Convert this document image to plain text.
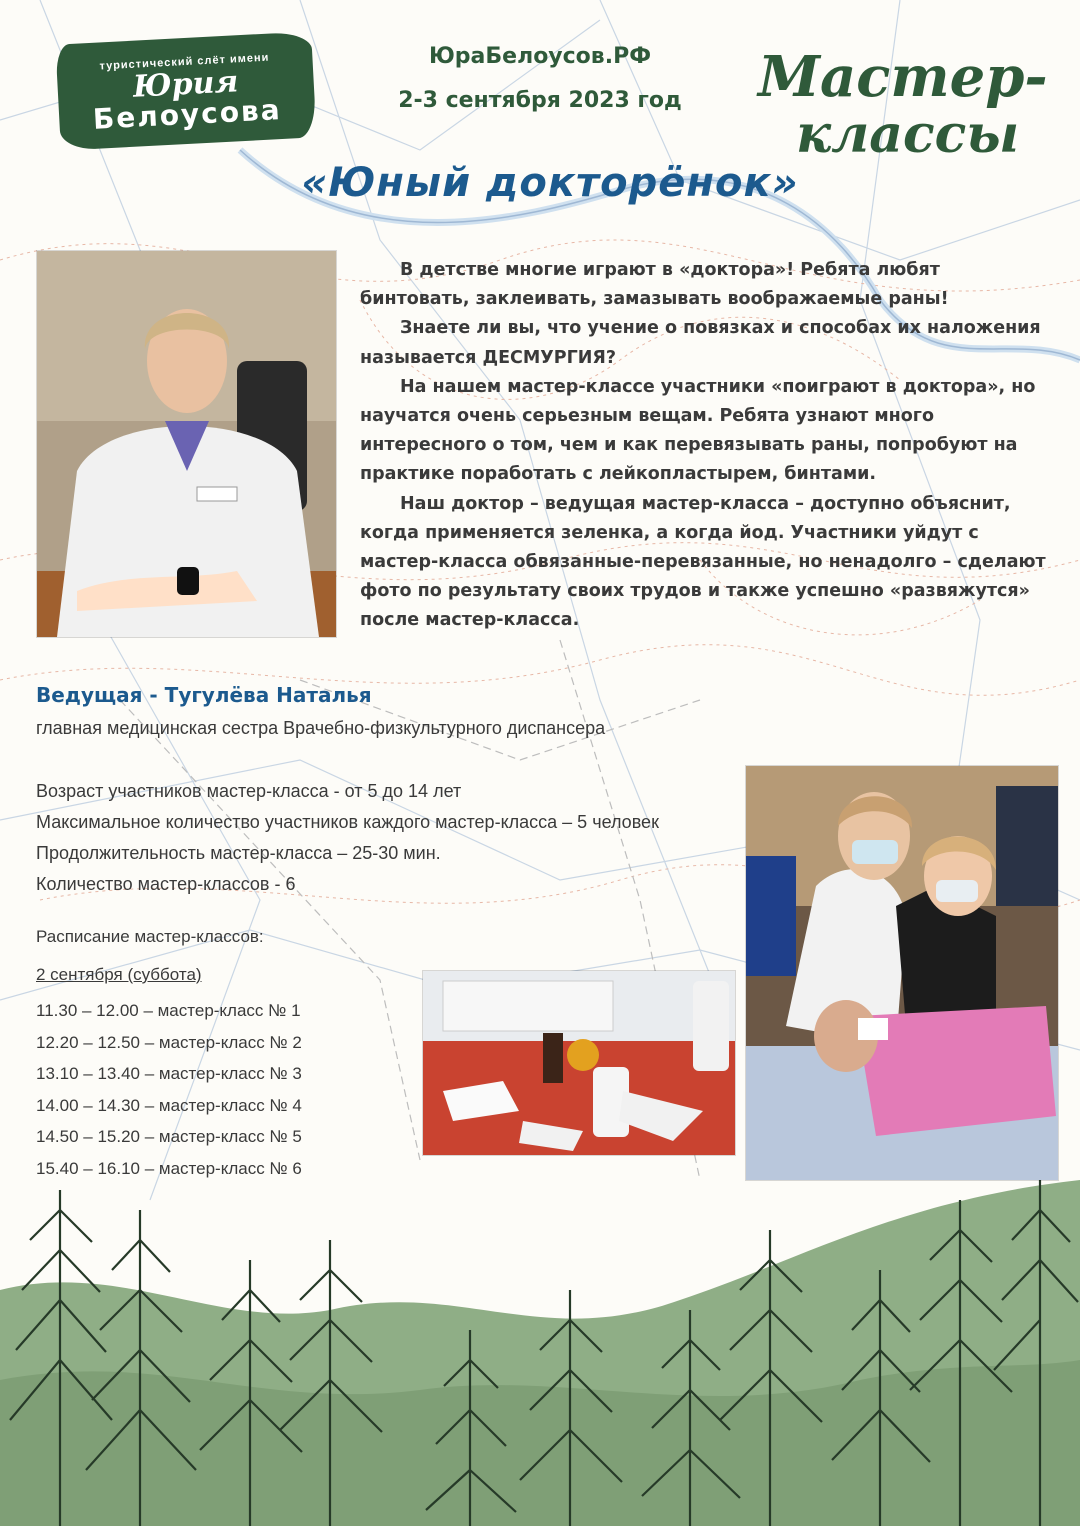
туристический слёт имени
Юрия
Белоусова
ЮраБелоусов.РФ
2-3 сентября 2023 год	Мастер-
классы
«Юный докторёнок»

В детстве многие играют в «доктора»! Ребята любят бинтовать, заклеивать, замазывать воображаемые раны!

Знаете ли вы, что учение о повязках и способах их наложения называется ДЕСМУРГИЯ?

На нашем мастер-классе участники «поиграют в доктора», но научатся очень серьезным вещам. Ребята узнают много интересного о том, чем и как перевязывать раны, попробуют на практике поработать с лейкопластырем, бинтами.

Наш доктор – ведущая мастер-класса – доступно объяснит, когда применяется зеленка, а когда йод. Участники уйдут с мастер-класса обвязанные-перевязанные, но ненадолго – сделают фото по результату своих трудов и также успешно «развяжутся» после мастер-класса.

Ведущая - Тугулёва Наталья
главная медицинская сестра Врачебно-физкультурного диспансера
Возраст участников мастер-класса - от 5 до 14 лет
Максимальное количество участников каждого мастер-класса – 5 человек
Продолжительность мастер-класса – 25-30 мин.
Количество мастер-классов - 6
Расписание мастер-классов:
2 сентября (суббота)
11.30 – 12.00 – мастер-класс № 1
12.20 – 12.50 – мастер-класс № 2
13.10 – 13.40 – мастер-класс № 3
14.00 – 14.30 – мастер-класс № 4
14.50 – 15.20 – мастер-класс № 5
15.40 – 16.10 – мастер-класс № 6
